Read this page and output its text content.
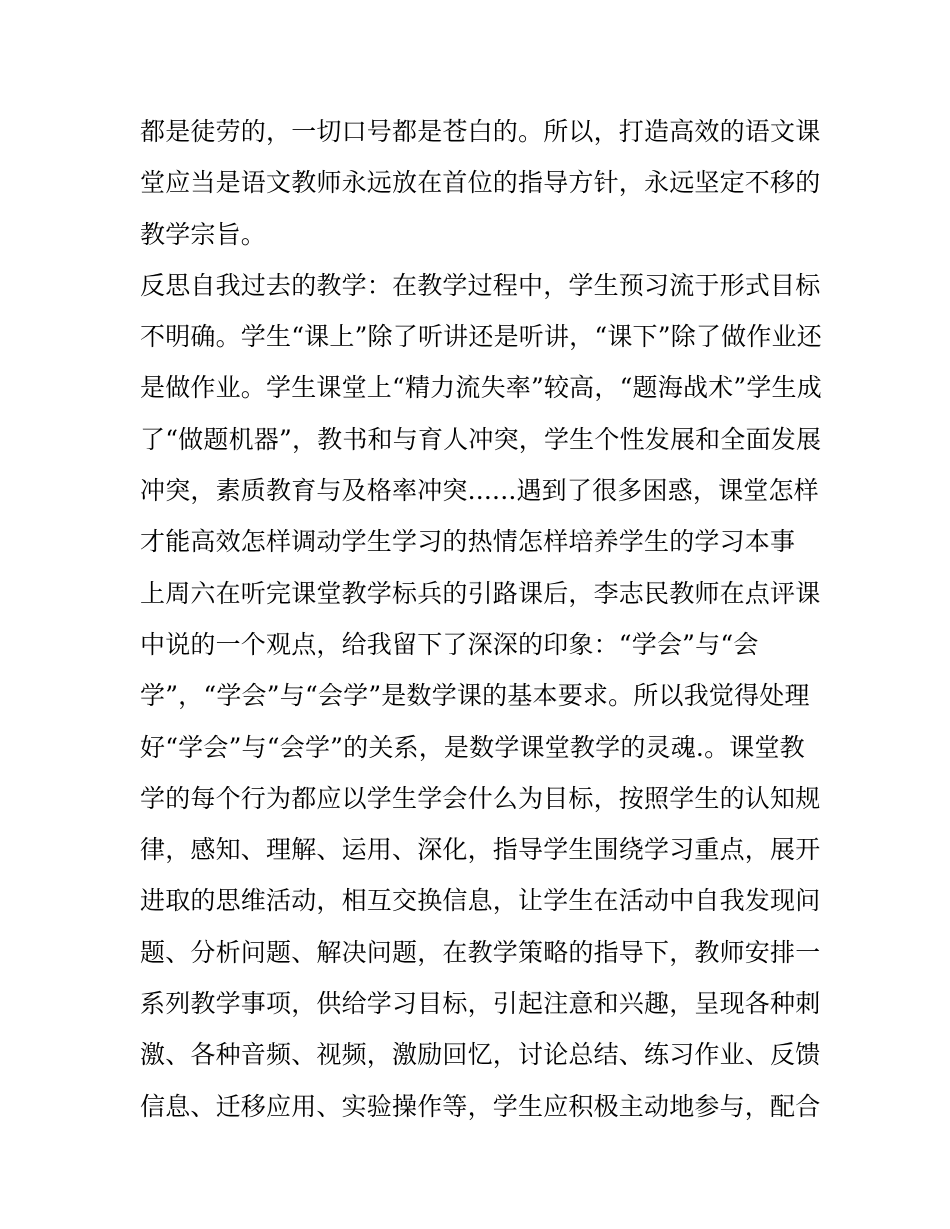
都是徒劳的，一切口号都是苍白的。所以，打造高效的语文课
堂应当是语文教师永远放在首位的指导方针，永远坚定不移的
教学宗旨。
反思自我过去的教学：在教学过程中，学生预习流于形式目标
不明确。学生“课上”除了听讲还是听讲，“课下”除了做作业还
是做作业。学生课堂上“精力流失率”较高，“题海战术”学生成
了“做题机器”，教书和与育人冲突，学生个性发展和全面发展
冲突，素质教育与及格率冲突......遇到了很多困惑，课堂怎样
才能高效怎样调动学生学习的热情怎样培养学生的学习本事
上周六在听完课堂教学标兵的引路课后，李志民教师在点评课
中说的一个观点，给我留下了深深的印象：“学会”与“会
学”，“学会”与“会学”是数学课的基本要求。所以我觉得处理
好“学会”与“会学”的关系，是数学课堂教学的灵魂.。课堂教
学的每个行为都应以学生学会什么为目标，按照学生的认知规
律，感知、理解、运用、深化，指导学生围绕学习重点，展开
进取的思维活动，相互交换信息，让学生在活动中自我发现问
题、分析问题、解决问题，在教学策略的指导下，教师安排一
系列教学事项，供给学习目标，引起注意和兴趣，呈现各种刺
激、各种音频、视频，激励回忆，讨论总结、练习作业、反馈
信息、迁移应用、实验操作等，学生应积极主动地参与，配合
